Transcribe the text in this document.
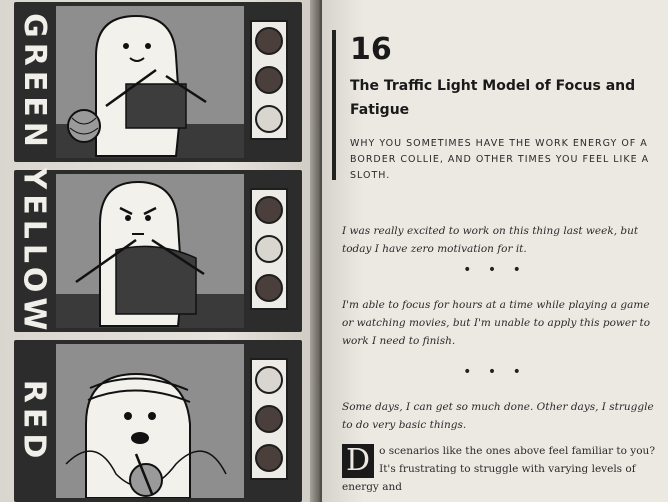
GREEN
YELLOW
RED
16
The Traffic Light Model of Focus and Fatigue
WHY YOU SOMETIMES HAVE THE WORK ENERGY OF A BORDER COLLIE, AND OTHER TIMES YOU FEEL LIKE A SLOTH.
I was really excited to work on this thing last week, but today I have zero motivation for it.
• • •
I'm able to focus for hours at a time while playing a game or watching movies, but I'm unable to apply this power to work I need to finish.
• • •
Some days, I can get so much done. Other days, I struggle to do very basic things.
D o scenarios like the ones above feel familiar to you? It's frustrating to struggle with varying levels of energy and
